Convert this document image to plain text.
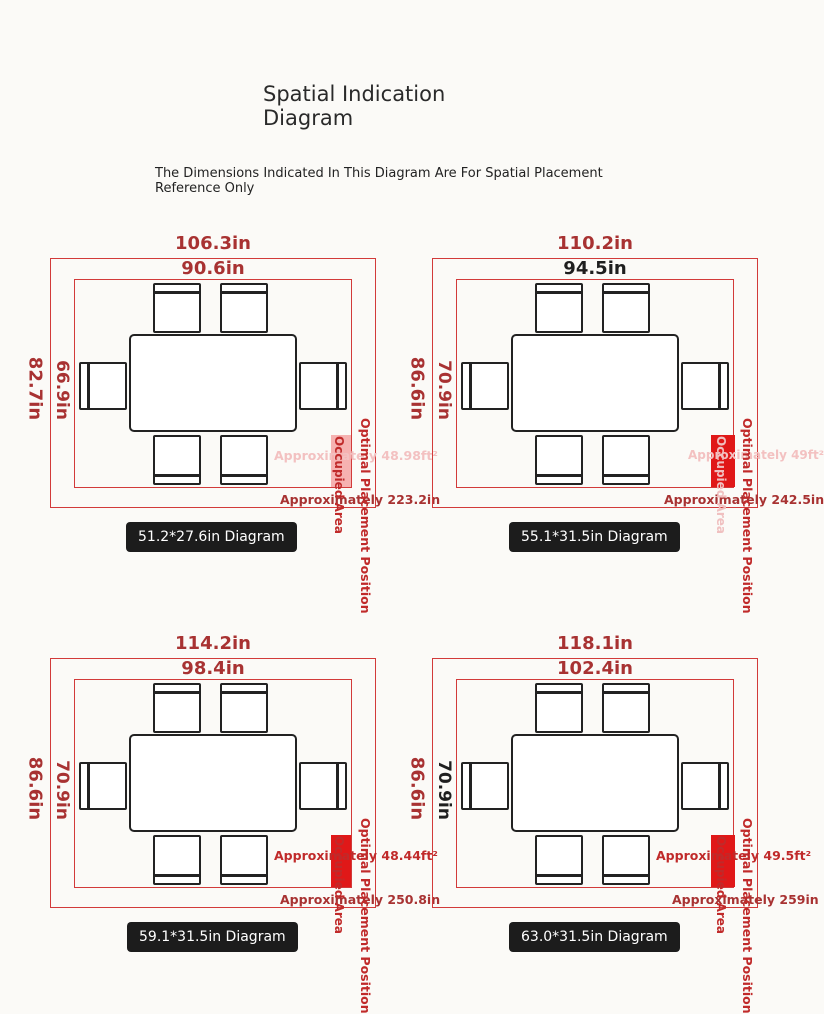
Spatial Indication Diagram
The Dimensions Indicated In This Diagram Are For Spatial Placement Reference Only
106.3in
90.6in
82.7in 66.9in
Approximately 48.98ft²
Approximately 223.2in
Occupied Area Optimal Placement Position
51.2*27.6in Diagram
110.2in
94.5in
86.6in 70.9in
Approximately 49ft²
Approximately 242.5in
Occupied Area Optimal Placement Position
55.1*31.5in Diagram
114.2in
98.4in
86.6in 70.9in
Approximately 48.44ft²
Approximately 250.8in
Occupied Area Optimal Placement Position
59.1*31.5in Diagram
118.1in
102.4in
86.6in 70.9in
Approximately 49.5ft²
Approximately 259in
Occupied Area Optimal Placement Position
63.0*31.5in Diagram
